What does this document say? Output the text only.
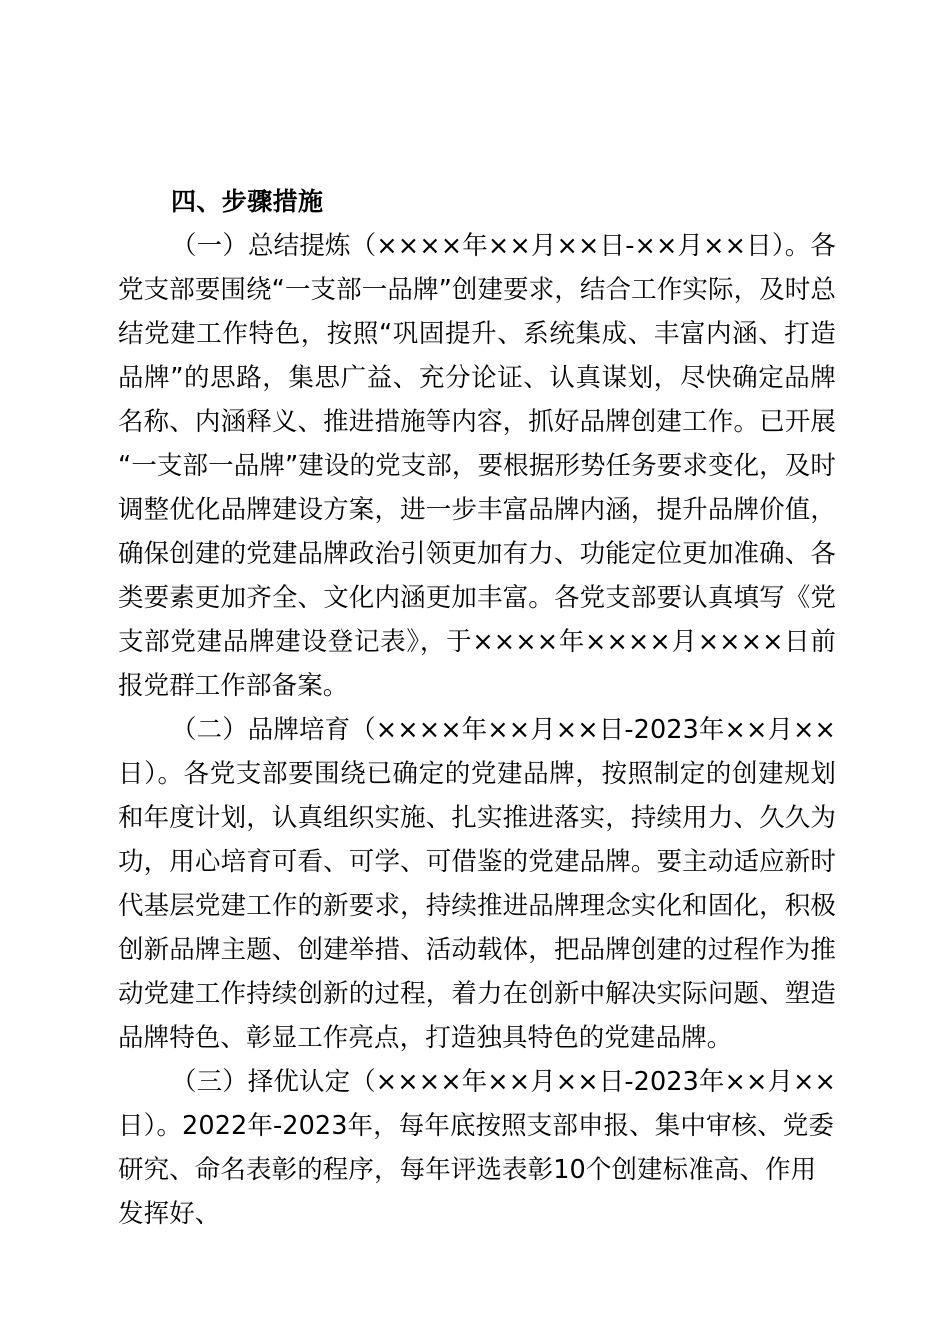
四、步骤措施

（一）总结提炼（××××年××月××日‐××月××日）。各党支部要围绕“一支部一品牌”创建要求，结合工作实际，及时总结党建工作特色，按照“巩固提升、系统集成、丰富内涵、打造品牌”的思路，集思广益、充分论证、认真谋划，尽快确定品牌名称、内涵释义、推进措施等内容，抓好品牌创建工作。已开展“一支部一品牌”建设的党支部，要根据形势任务要求变化，及时调整优化品牌建设方案，进一步丰富品牌内涵，提升品牌价值，确保创建的党建品牌政治引领更加有力、功能定位更加准确、各类要素更加齐全、文化内涵更加丰富。各党支部要认真填写《党支部党建品牌建设登记表》，于××××年××××月××××日前报党群工作部备案。

（二）品牌培育（××××年××月××日‐2023年××月××日）。各党支部要围绕已确定的党建品牌，按照制定的创建规划和年度计划，认真组织实施、扎实推进落实，持续用力、久久为功，用心培育可看、可学、可借鉴的党建品牌。要主动适应新时代基层党建工作的新要求，持续推进品牌理念实化和固化，积极创新品牌主题、创建举措、活动载体，把品牌创建的过程作为推动党建工作持续创新的过程，着力在创新中解决实际问题、塑造品牌特色、彰显工作亮点，打造独具特色的党建品牌。

（三）择优认定（××××年××月××日‐2023年××月××日）。2022年‐2023年，每年底按照支部申报、集中审核、党委研究、命名表彰的程序，每年评选表彰10个创建标准高、作用发挥好、
